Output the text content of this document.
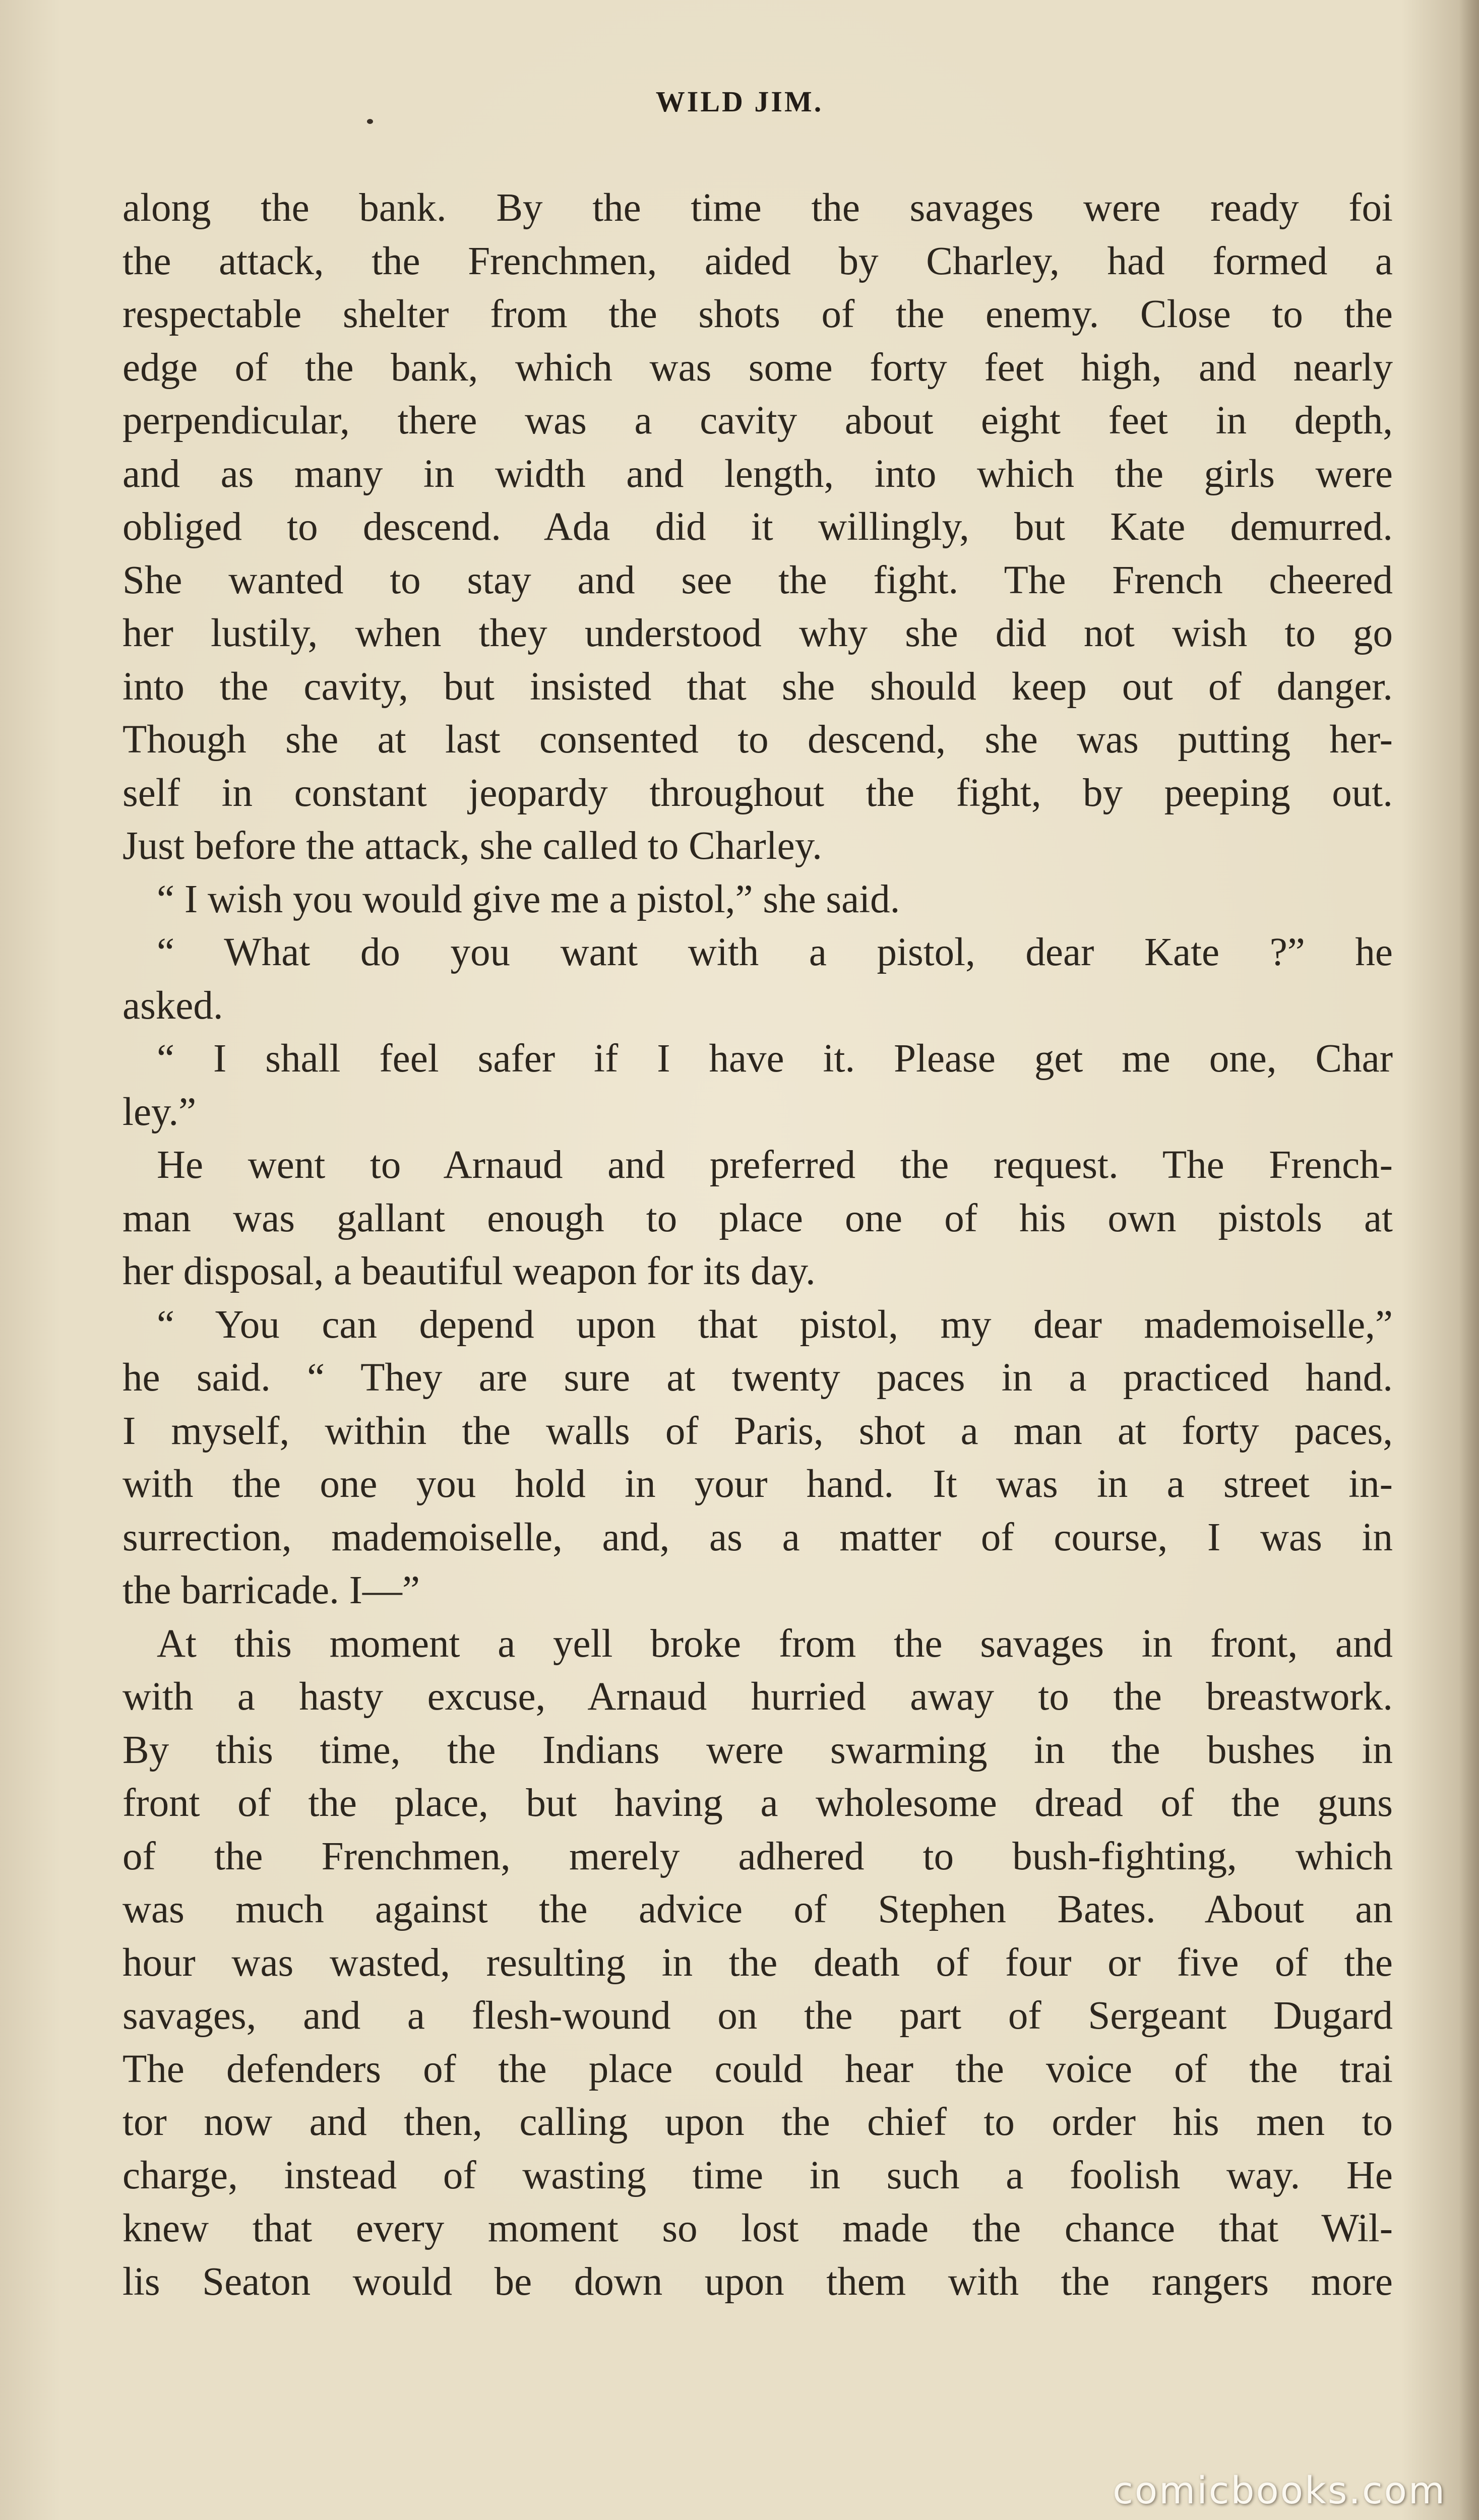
WILD JIM.
along the bank. By the time the savages were ready foi
the attack, the Frenchmen, aided by Charley, had formed a
respectable shelter from the shots of the enemy. Close to the
edge of the bank, which was some forty feet high, and nearly
perpendicular, there was a cavity about eight feet in depth,
and as many in width and length, into which the girls were
obliged to descend. Ada did it willingly, but Kate demurred.
She wanted to stay and see the fight. The French cheered
her lustily, when they understood why she did not wish to go
into the cavity, but insisted that she should keep out of danger.
Though she at last consented to descend, she was putting her-
self in constant jeopardy throughout the fight, by peeping out.
Just before the attack, she called to Charley.
“ I wish you would give me a pistol,” she said.
“ What do you want with a pistol, dear Kate ?” he
asked.
“ I shall feel safer if I have it. Please get me one, Char
ley.”
He went to Arnaud and preferred the request. The French-
man was gallant enough to place one of his own pistols at
her disposal, a beautiful weapon for its day.
“ You can depend upon that pistol, my dear mademoiselle,”
he said. “ They are sure at twenty paces in a practiced hand.
I myself, within the walls of Paris, shot a man at forty paces,
with the one you hold in your hand. It was in a street in-
surrection, mademoiselle, and, as a matter of course, I was in
the barricade. I—”
At this moment a yell broke from the savages in front, and
with a hasty excuse, Arnaud hurried away to the breastwork.
By this time, the Indians were swarming in the bushes in
front of the place, but having a wholesome dread of the guns
of the Frenchmen, merely adhered to bush-fighting, which
was much against the advice of Stephen Bates. About an
hour was wasted, resulting in the death of four or five of the
savages, and a flesh-wound on the part of Sergeant Dugard
The defenders of the place could hear the voice of the trai
tor now and then, calling upon the chief to order his men to
charge, instead of wasting time in such a foolish way. He
knew that every moment so lost made the chance that Wil-
lis Seaton would be down upon them with the rangers more
comicbooks.com
